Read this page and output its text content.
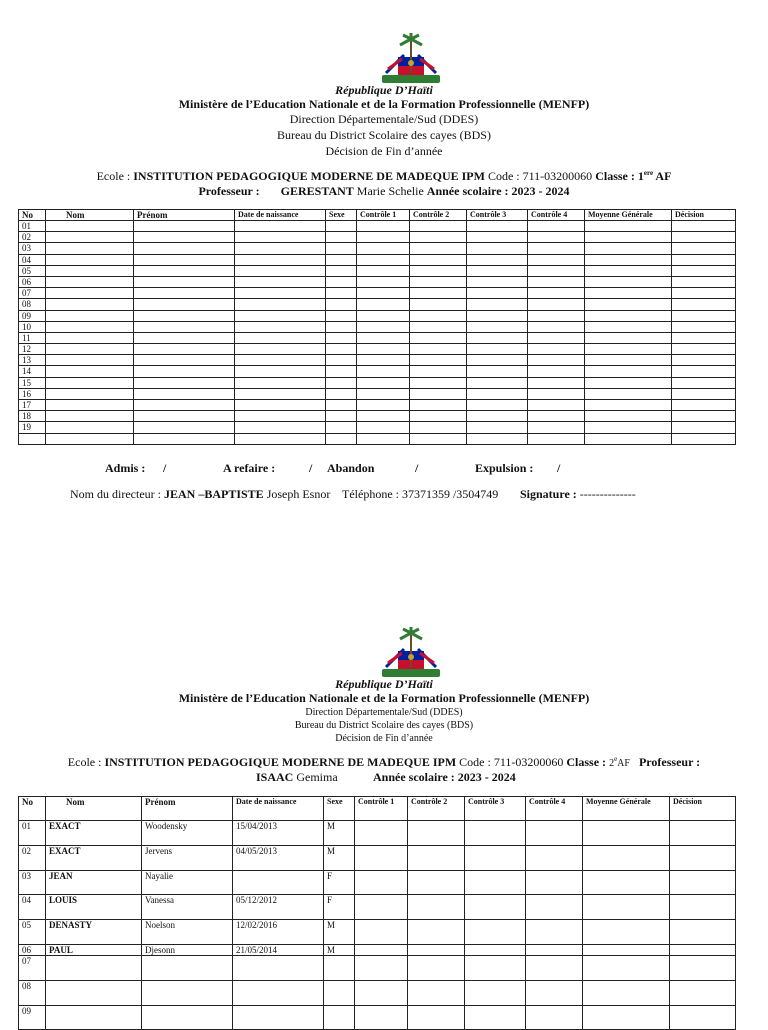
République D’Haïti
Ministère de l’Education Nationale et de la Formation Professionnelle (MENFP)
Direction Départementale/Sud (DDES)
Bureau du District Scolaire des cayes (BDS)
Décision de Fin d’année
Ecole : INSTITUTION PEDAGOGIQUE MODERNE DE MADEQUE IPM Code : 711-03200060 Classe : 1ere AF
Professeur : GERESTANT Marie Schelie Année scolaire : 2023 - 2024
No	Nom	Prénom	Date de naissance	Sexe	Contrôle 1	Contrôle 2	Contrôle 3	Contrôle 4	Moyenne Générale	Décision
01										
02										
03										
04										
05										
06										
07										
08										
09										
10										
11										
12										
13										
14										
15										
16										
17										
18										
19										

Admis : /	A refaire :	/ Abandon	/	Expulsion : /
Nom du directeur : JEAN –BAPTISTE Joseph Esnor Téléphone : 37371359 /3504749 Signature : --------------
République D’Haïti
Ministère de l’Education Nationale et de la Formation Professionnelle (MENFP)
Direction Départementale/Sud (DDES)
Bureau du District Scolaire des cayes (BDS)
Décision de Fin d’année
Ecole : INSTITUTION PEDAGOGIQUE MODERNE DE MADEQUE IPM Code : 711-03200060 Classe : 2eAF Professeur :
ISAAC Gemima	Année scolaire : 2023 - 2024
No	Nom	Prénom	Date de naissance	Sexe	Contrôle 1	Contrôle 2	Contrôle 3	Contrôle 4	Moyenne Générale	Décision
01	EXACT	Woodensky	15/04/2013	M						
02	EXACT	Jervens	04/05/2013	M						
03	JEAN	Nayalie		F						
04	LOUIS	Vanessa	05/12/2012	F						
05	DENASTY	Noelson	12/02/2016	M						
06	PAUL	Djesonn	21/05/2014	M						
07										
08										
09										
